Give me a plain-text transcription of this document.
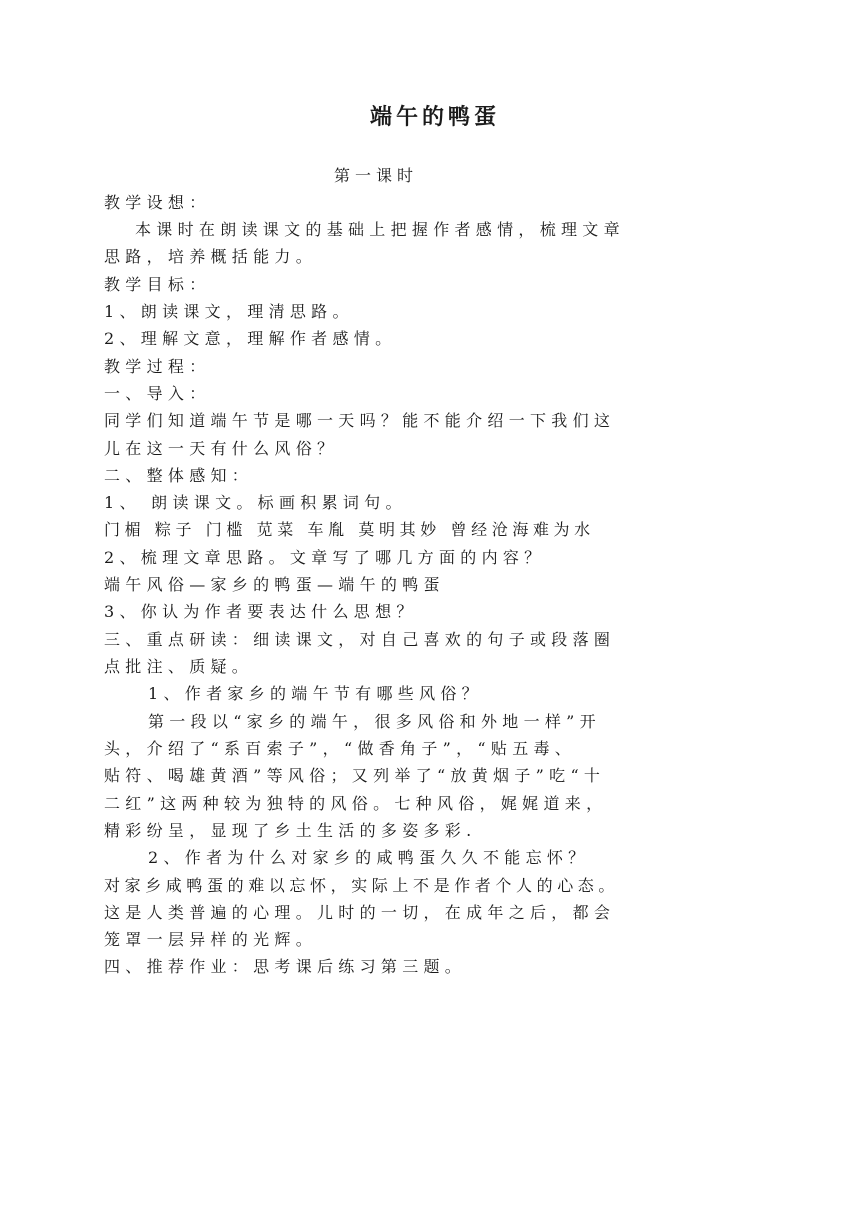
端午的鸭蛋
第一课时
教学设想：
本课时在朗读课文的基础上把握作者感情，梳理文章
思路，培养概括能力。
教学目标：
1、朗读课文，理清思路。
2、理解文意，理解作者感情。
教学过程：
一、导入：
同学们知道端午节是哪一天吗？能不能介绍一下我们这
儿在这一天有什么风俗？
二、整体感知：
1、 朗读课文。标画积累词句。
门楣 粽子 门槛 苋菜 车胤 莫明其妙 曾经沧海难为水
2、梳理文章思路。文章写了哪几方面的内容？
端午风俗—家乡的鸭蛋—端午的鸭蛋
3、你认为作者要表达什么思想？
三、重点研读：细读课文，对自己喜欢的句子或段落圈
点批注、质疑。
1、作者家乡的端午节有哪些风俗？
第一段以“家乡的端午，很多风俗和外地一样”开
头，介绍了“系百索子”，“做香角子”，“贴五毒、
贴符、喝雄黄酒”等风俗；又列举了“放黄烟子”吃“十
二红”这两种较为独特的风俗。七种风俗，娓娓道来，
精彩纷呈，显现了乡土生活的多姿多彩.
2、作者为什么对家乡的咸鸭蛋久久不能忘怀？
对家乡咸鸭蛋的难以忘怀，实际上不是作者个人的心态。
这是人类普遍的心理。儿时的一切，在成年之后，都会
笼罩一层异样的光辉。
四、推荐作业：思考课后练习第三题。
